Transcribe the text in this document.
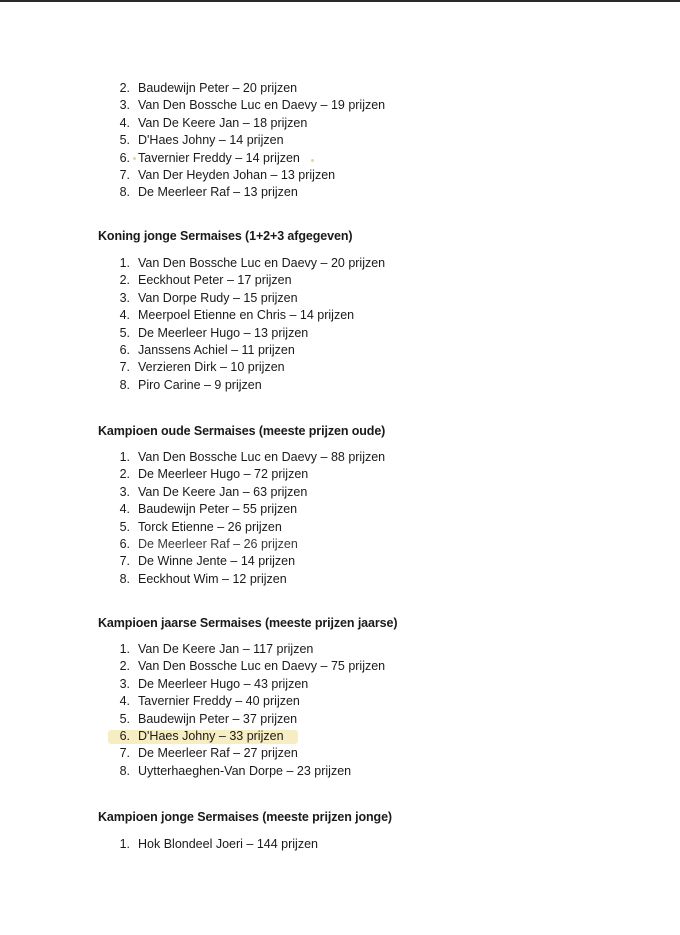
2. Baudewijn Peter – 20 prijzen
3. Van Den Bossche Luc en Daevy – 19 prijzen
4. Van De Keere Jan – 18 prijzen
5. D'Haes Johny – 14 prijzen
6. Tavernier Freddy – 14 prijzen
7. Van Der Heyden Johan – 13 prijzen
8. De Meerleer Raf – 13 prijzen
Koning jonge Sermaises (1+2+3 afgegeven)
1. Van Den Bossche Luc en Daevy – 20 prijzen
2. Eeckhout Peter – 17 prijzen
3. Van Dorpe Rudy – 15 prijzen
4. Meerpoel Etienne en Chris – 14 prijzen
5. De Meerleer Hugo – 13 prijzen
6. Janssens Achiel – 11 prijzen
7. Verzieren Dirk – 10 prijzen
8. Piro Carine – 9 prijzen
Kampioen oude Sermaises (meeste prijzen oude)
1. Van Den Bossche Luc en Daevy – 88 prijzen
2. De Meerleer Hugo – 72 prijzen
3. Van De Keere Jan – 63 prijzen
4. Baudewijn Peter – 55 prijzen
5. Torck Etienne – 26 prijzen
6. De Meerleer Raf – 26 prijzen
7. De Winne Jente – 14 prijzen
8. Eeckhout Wim – 12 prijzen
Kampioen jaarse Sermaises (meeste prijzen jaarse)
1. Van De Keere Jan – 117 prijzen
2. Van Den Bossche Luc en Daevy – 75 prijzen
3. De Meerleer Hugo – 43 prijzen
4. Tavernier Freddy – 40 prijzen
5. Baudewijn Peter – 37 prijzen
6. D'Haes Johny – 33 prijzen
7. De Meerleer Raf – 27 prijzen
8. Uytterhaeghen-Van Dorpe – 23 prijzen
Kampioen jonge Sermaises (meeste prijzen jonge)
1. Hok Blondeel Joeri – 144 prijzen
